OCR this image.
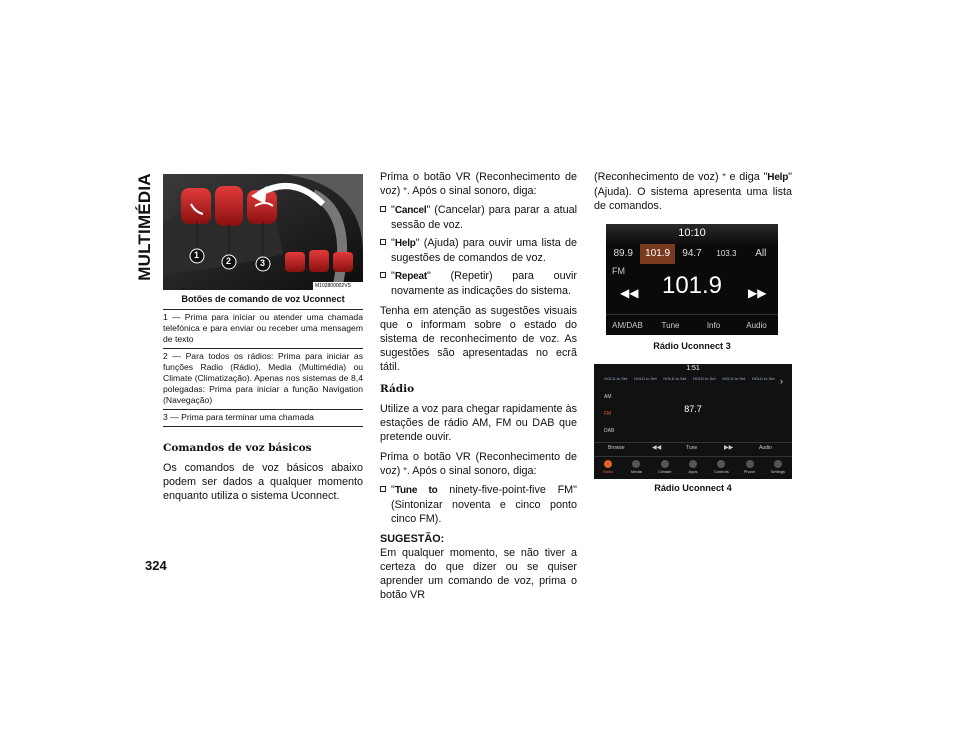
MULTIMÉDIA
324
1
2	3
M102800002VS

Botões de comando de voz Uconnect

1 — Prima para iniciar ou atender uma chamada telefónica e para enviar ou receber uma mensagem de texto

2 — Para todos os rádios: Prima para iniciar as funções Radio (Rádio), Media (Multimédia) ou Climate (Climatização). Apenas nos sistemas de 8,4 polegadas: Prima para iniciar a função Navigation (Navegação)

3 — Prima para terminar uma chamada

Comandos de voz básicos

Os comandos de voz básicos abaixo podem ser dados a qualquer momento enquanto utiliza o sistema Uconnect.

Prima o botão VR (Reconhecimento de voz) 𝄌. Após o sinal sonoro, diga:

"Cancel" (Cancelar) para parar a atual sessão de voz.

"Help" (Ajuda) para ouvir uma lista de sugestões de comandos de voz.

"Repeat" (Repetir) para ouvir novamente as indicações do sistema.

Tenha em atenção as sugestões visuais que o informam sobre o estado do sistema de reconhecimento de voz. As sugestões são apresentadas no ecrã tátil.

Rádio

Utilize a voz para chegar rapidamente às estações de rádio AM, FM ou DAB que pretende ouvir.

Prima o botão VR (Reconhecimento de voz) 𝄌. Após o sinal sonoro, diga:

"Tune to ninety-five-point-five FM" (Sintonizar noventa e cinco ponto cinco FM).

SUGESTÃO:

Em qualquer momento, se não tiver a certeza do que dizer ou se quiser aprender um comando de voz, prima o botão VR

(Reconhecimento de voz) 𝄌 e diga "Help" (Ajuda). O sistema apresenta uma lista de comandos.

10:10
89.9	101.9	94.7	103.3	All
FM
◀◀ 101.9	▶▶
AM/DAB	Tune	Info	Audio
Rádio Uconnect 3
1:51
HOLD to Set	HOLD to Set	HOLD to Set	HOLD to Set	HOLD to Set	HOLD to Set ›
AM
FM
DAB
87.7
Browse	◀◀	Tune	▶▶	Audio
Radio	Media	Climate	Apps	Controls	Phone	Settings
Rádio Uconnect 4
